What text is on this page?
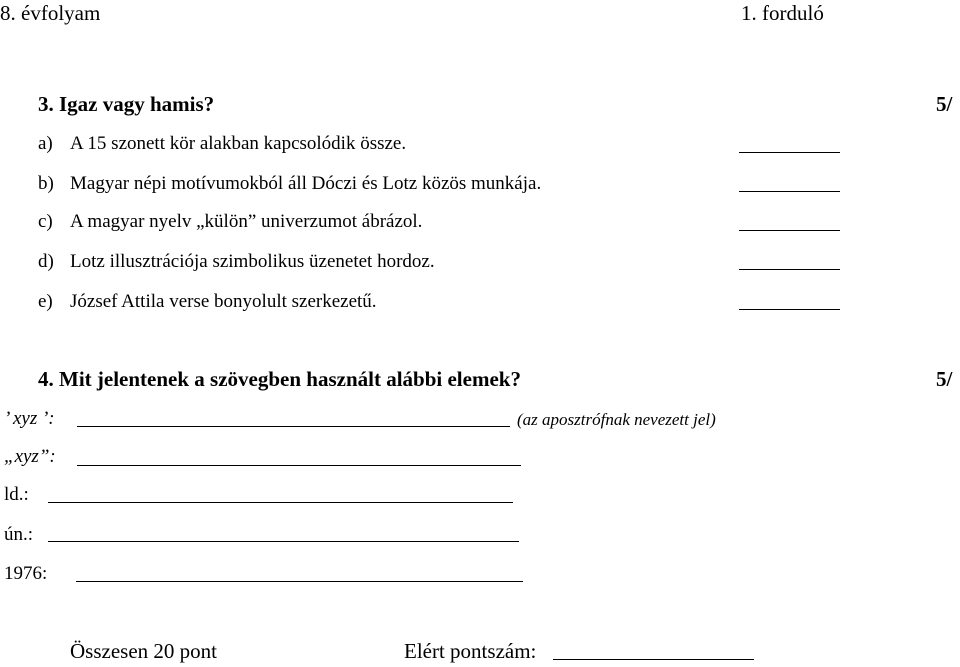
8. évfolyam	1. forduló
3. Igaz vagy hamis?	5/
a) A 15 szonett kör alakban kapcsolódik össze.
b) Magyar népi motívumokból áll Dóczi és Lotz közös munkája.
c) A magyar nyelv „külön” univerzumot ábrázol.
d) Lotz illusztrációja szimbolikus üzenetet hordoz.
e) József Attila verse bonyolult szerkezetű.
4. Mit jelentenek a szövegben használt alábbi elemek?	5/
’ xyz ’:	(az aposztrófnak nevezett jel)
„xyz”:
ld.:
ún.:
1976:
Összesen 20 pont	Elért pontszám:
